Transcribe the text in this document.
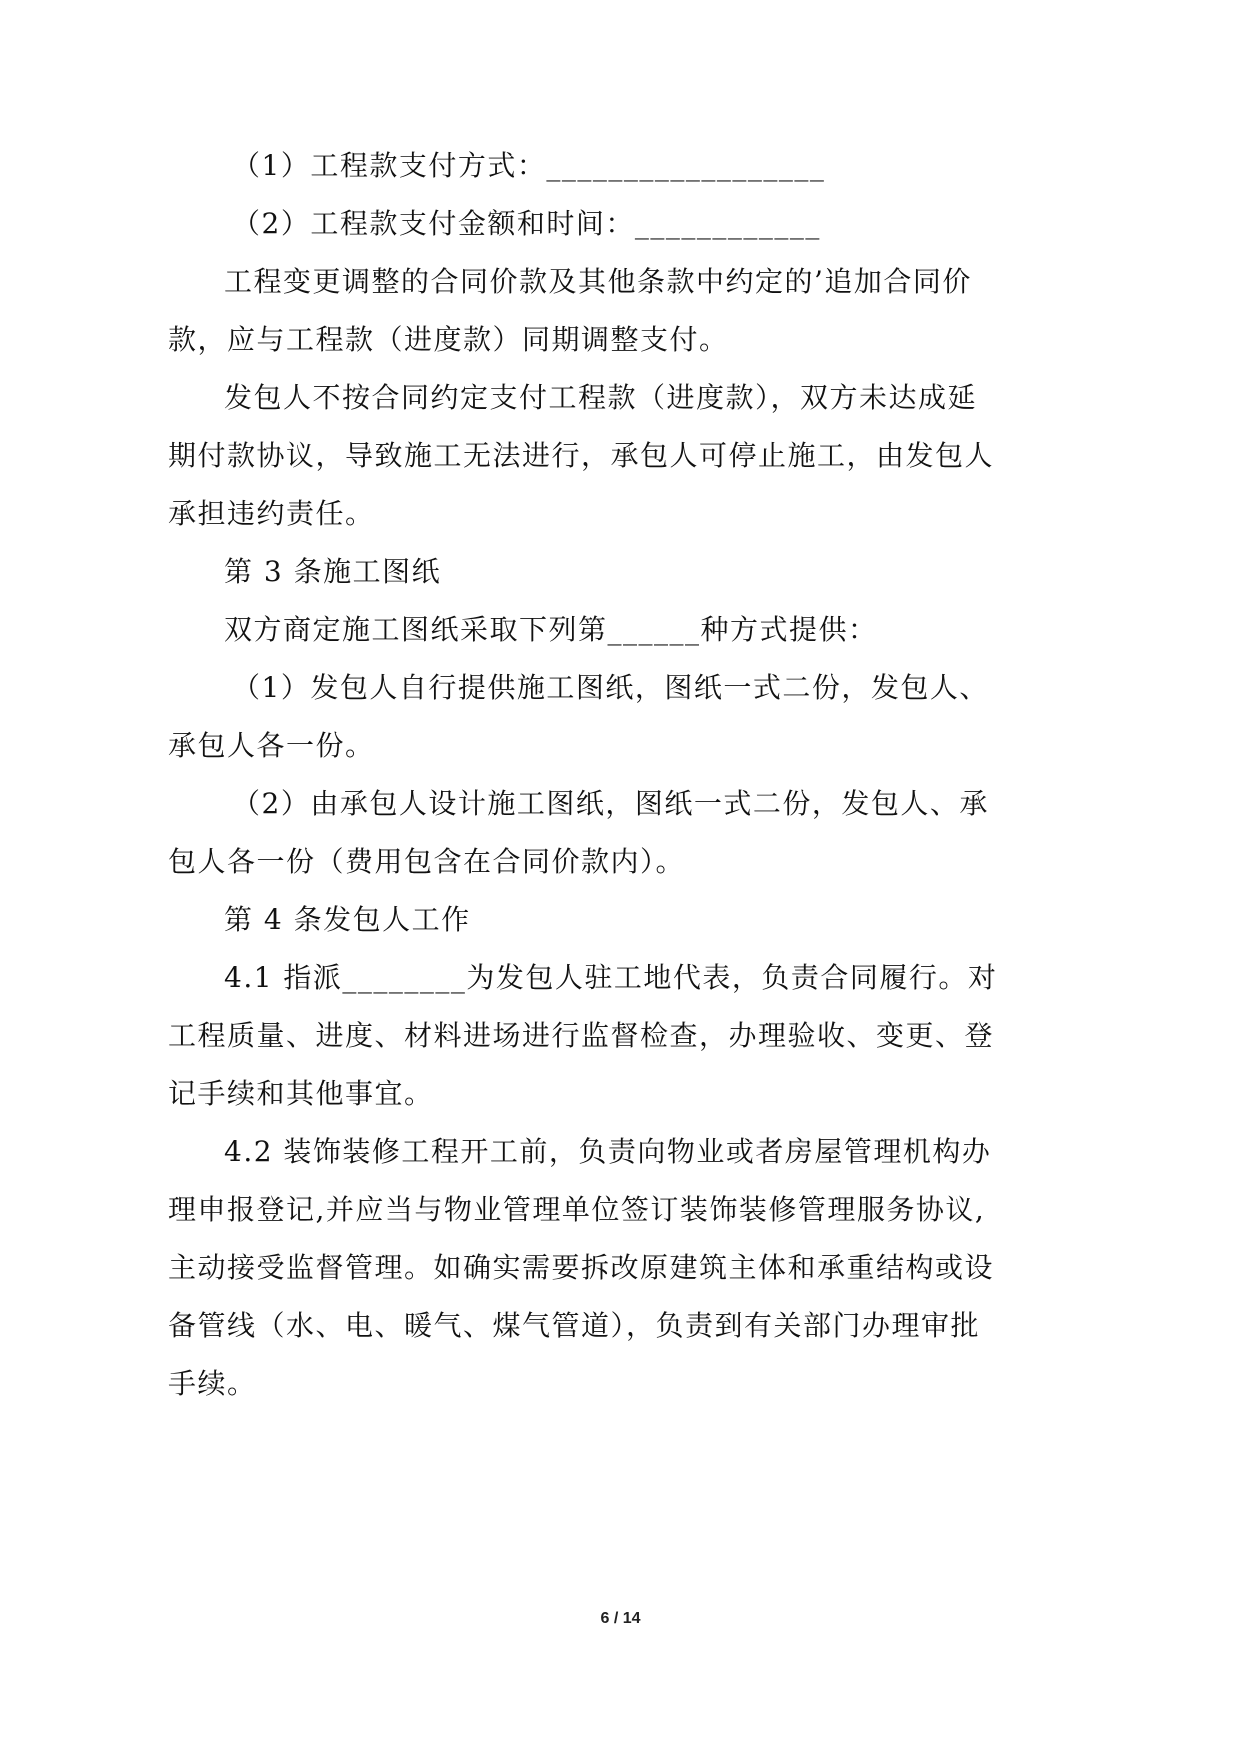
（1）工程款支付方式：__________________
（2）工程款支付金额和时间：____________
工程变更调整的合同价款及其他条款中约定的’追加合同价
款，应与工程款（进度款）同期调整支付。
发包人不按合同约定支付工程款（进度款），双方未达成延
期付款协议，导致施工无法进行，承包人可停止施工，由发包人
承担违约责任。
第 3 条施工图纸
双方商定施工图纸采取下列第______种方式提供：
（1）发包人自行提供施工图纸，图纸一式二份，发包人、
承包人各一份。
（2）由承包人设计施工图纸，图纸一式二份，发包人、承
包人各一份（费用包含在合同价款内）。
第 4 条发包人工作
4.1 指派________为发包人驻工地代表，负责合同履行。对
工程质量、进度、材料进场进行监督检查，办理验收、变更、登
记手续和其他事宜。
4.2 装饰装修工程开工前，负责向物业或者房屋管理机构办
理申报登记,并应当与物业管理单位签订装饰装修管理服务协议,
主动接受监督管理。如确实需要拆改原建筑主体和承重结构或设
备管线（水、电、暖气、煤气管道），负责到有关部门办理审批
手续。
6 / 14
